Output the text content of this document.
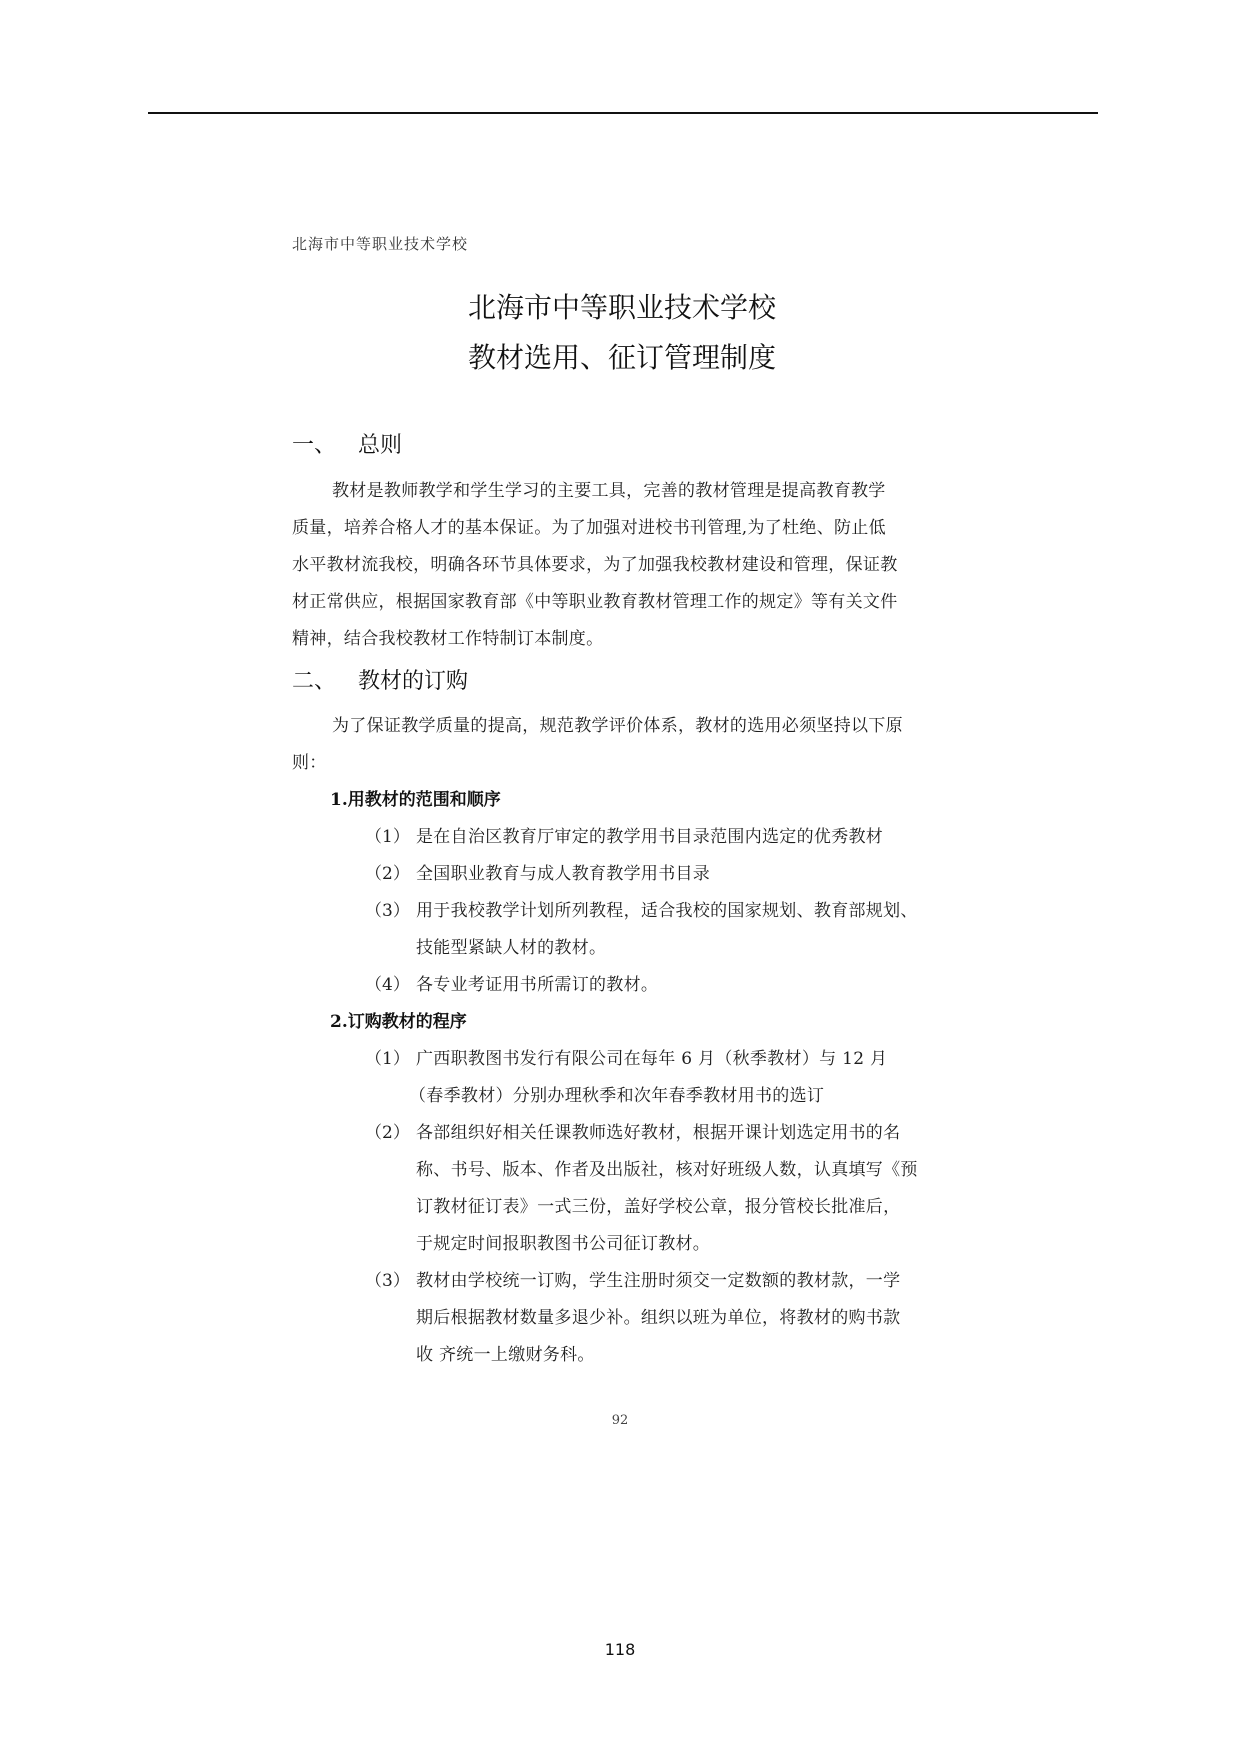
北海市中等职业技术学校
北海市中等职业技术学校
教材选用、征订管理制度
一、 总则
教材是教师教学和学生学习的主要工具，完善的教材管理是提高教育教学
质量，培养合格人才的基本保证。为了加强对进校书刊管理,为了杜绝、防止低
水平教材流我校，明确各环节具体要求，为了加强我校教材建设和管理，保证教
材正常供应，根据国家教育部《中等职业教育教材管理工作的规定》等有关文件
精神，结合我校教材工作特制订本制度。
二、 教材的订购
为了保证教学质量的提高，规范教学评价体系，教材的选用必须坚持以下原
则：
1.用教材的范围和顺序
（1） 是在自治区教育厅审定的教学用书目录范围内选定的优秀教材
（2） 全国职业教育与成人教育教学用书目录
（3） 用于我校教学计划所列教程，适合我校的国家规划、教育部规划、
技能型紧缺人材的教材。
（4） 各专业考证用书所需订的教材。
2.订购教材的程序
（1） 广西职教图书发行有限公司在每年 6 月（秋季教材）与 12 月
（春季教材）分别办理秋季和次年春季教材用书的选订
（2） 各部组织好相关任课教师选好教材，根据开课计划选定用书的名
称、书号、版本、作者及出版社，核对好班级人数，认真填写《预
订教材征订表》一式三份，盖好学校公章，报分管校长批准后，
于规定时间报职教图书公司征订教材。
（3） 教材由学校统一订购，学生注册时须交一定数额的教材款，一学
期后根据教材数量多退少补。组织以班为单位，将教材的购书款
收 齐统一上缴财务科。
92
118
